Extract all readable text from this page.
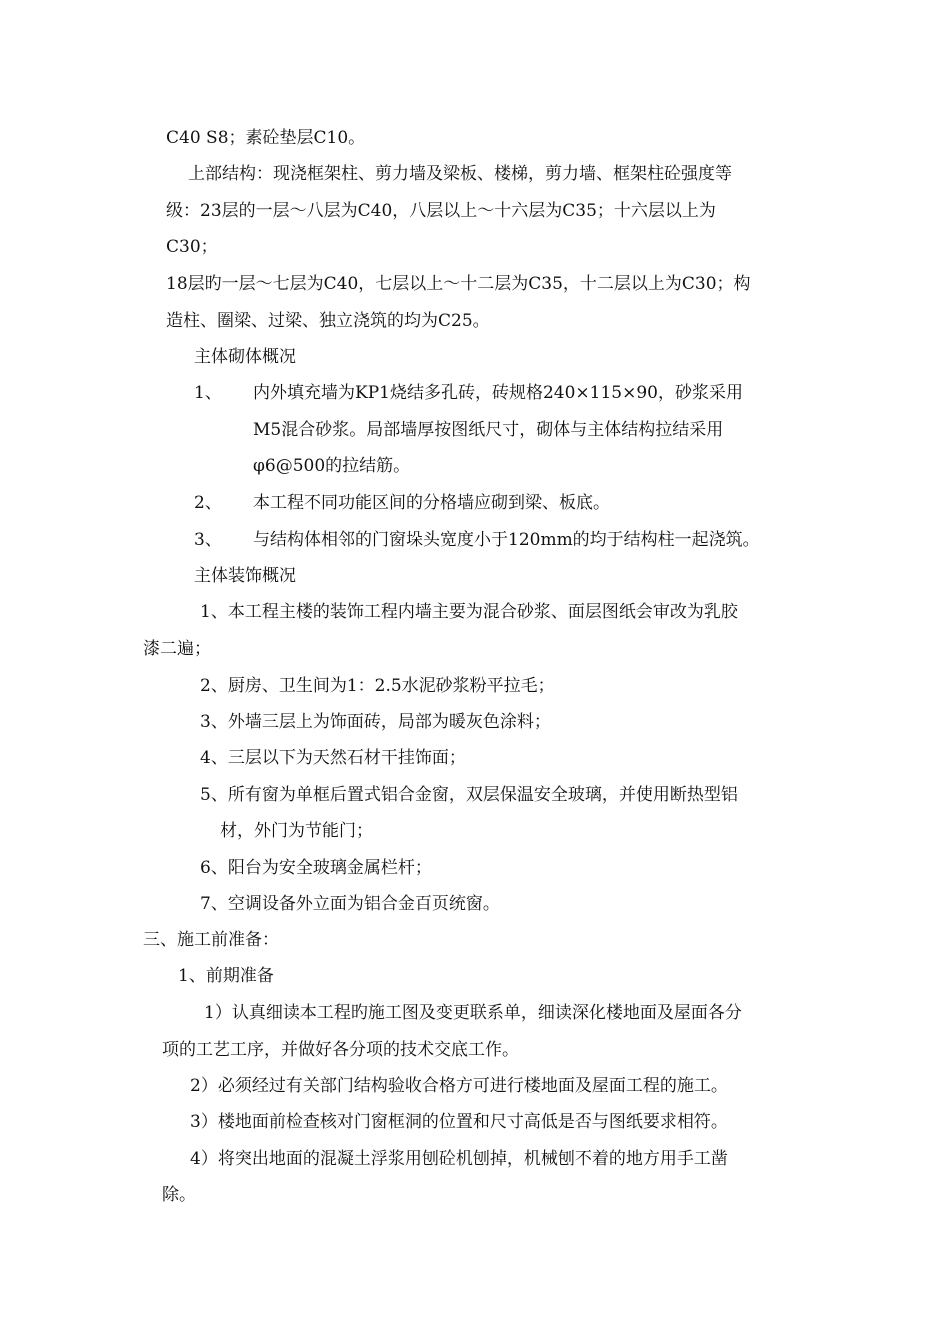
C40 S8；素砼垫层C10。
上部结构：现浇框架柱、剪力墙及梁板、楼梯，剪力墙、框架柱砼强度等
级：23层的一层～八层为C40，八层以上～十六层为C35；十六层以上为
C30；
18层旳一层～七层为C40，七层以上～十二层为C35，十二层以上为C30；构
造柱、圈梁、过梁、独立浇筑的均为C25。
主体砌体概况
1、 内外填充墙为KP1烧结多孔砖，砖规格240×115×90，砂浆采用
M5混合砂浆。局部墙厚按图纸尺寸，砌体与主体结构拉结采用
φ6@500的拉结筋。
2、 本工程不同功能区间的分格墙应砌到梁、板底。
3、 与结构体相邻的门窗垛头宽度小于120mm的均于结构柱一起浇筑。
主体装饰概况
1、本工程主楼的装饰工程内墙主要为混合砂浆、面层图纸会审改为乳胶
漆二遍；
2、厨房、卫生间为1：2.5水泥砂浆粉平拉毛；
3、外墙三层上为饰面砖，局部为暖灰色涂料；
4、三层以下为天然石材干挂饰面；
5、所有窗为单框后置式铝合金窗，双层保温安全玻璃，并使用断热型铝
材，外门为节能门；
6、阳台为安全玻璃金属栏杆；
7、空调设备外立面为铝合金百页统窗。
三、施工前准备：
1、前期准备
1）认真细读本工程旳施工图及变更联系单，细读深化楼地面及屋面各分
项的工艺工序，并做好各分项的技术交底工作。
2）必须经过有关部门结构验收合格方可进行楼地面及屋面工程的施工。
3）楼地面前检查核对门窗框洞的位置和尺寸高低是否与图纸要求相符。
4）将突出地面的混凝土浮浆用刨砼机刨掉，机械刨不着的地方用手工凿
除。
